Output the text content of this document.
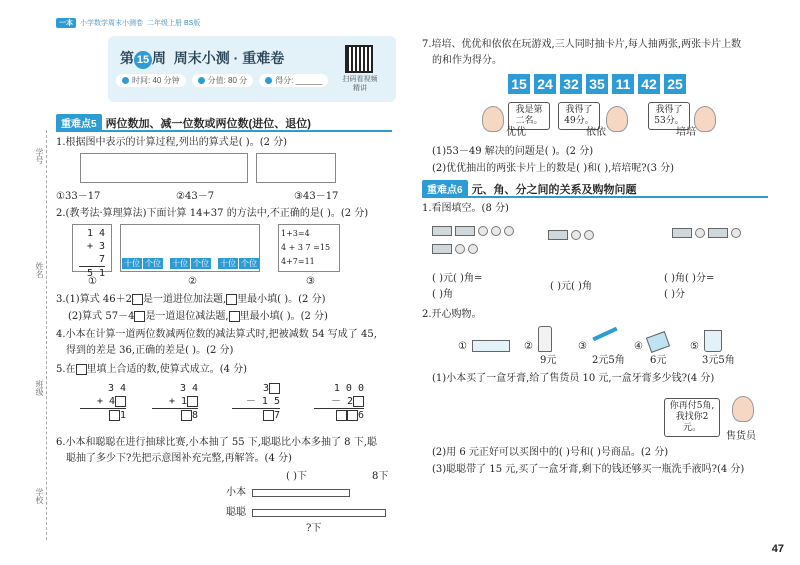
一本	小学数学周末小测卷 二年级上册 BS版
第 15 周 周末小测 · 重难卷
时间: 40 分钟	分值: 80 分	得分: ______	扫码看视频精讲
学号
姓名
班级
学校
重难点5 两位数加、减一位数或两位数(进位、退位)
1.根据图中表示的计算过程,列出的算式是( )。(2 分)
①33－17	②43－7	③43－17
2.(教考法·算理算法)下面计算 14+37 的方法中,不正确的是( )。(2 分)
1 4
+ 3 7
5 1
十位 个位 十位 个位 十位 个位
1+3=4
4 + 3 7 =15
4+7=11
①	②	③
3.(1)算式 46＋2 是一道进位加法题, 里最小填( )。(2 分)
(2)算式 57－4 是一道退位减法题, 里最小填( )。(2 分)
4.小本在计算一道两位数减两位数的减法算式时,把被减数 54 写成了 45,
得到的差是 36,正确的差是( )。(2 分)
5.在 里填上合适的数,使算式成立。(4 分)
3 4
+ 4
1
3 4
+ 1
8
3
－ 1 5
7
1 0 0
－ 2
6
6.小本和聪聪在进行抽球比赛,小本抽了 55 下,聪聪比小本多抽了 8 下,聪
聪抽了多少下?先把示意图补充完整,再解答。(4 分)
( )下	8下
小本
聪聪
?下
7.培培、优优和依依在玩游戏,三人同时抽卡片,每人抽两张,两张卡片上数
的和作为得分。
15 24 32 35 11 42 25
我是第二名。
优优
我得了49分。
依依
我得了53分。
培培
(1)53－49 解决的问题是( )。(2 分)
(2)优优抽出的两张卡片上的数是( )和( ),培培呢?(3 分)
重难点6 元、角、分之间的关系及购物问题
1.看图填空。(8 分)
( )元( )角=
( )角
( )元( )角
( )角( )分=
( )分
2.开心购物。
①	②
9元
③
2元5角
④
6元
⑤
3元5角
(1)小本买了一盒牙膏,给了售货员 10 元,一盒牙膏多少钱?(4 分)
你再付5角,我找你2元。
售货员
(2)用 6 元正好可以买图中的( )号和( )号商品。(2 分)
(3)聪聪带了 15 元,买了一盒牙膏,剩下的钱还够买一瓶洗手液吗?(4 分)
47
